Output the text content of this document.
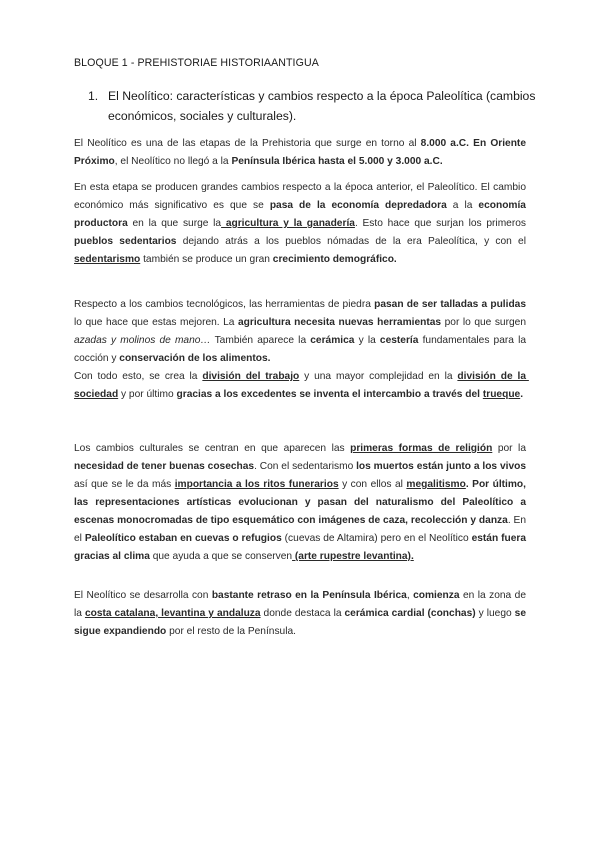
BLOQUE 1 - PREHISTORIAE HISTORIAANTIGUA
1. El Neolítico: características y cambios respecto a la época Paleolítica (cambios económicos, sociales y culturales).

El Neolítico es una de las etapas de la Prehistoria que surge en torno al 8.000 a.C. En Oriente Próximo, el Neolítico no llegó a la Península Ibérica hasta el 5.000 y 3.000 a.C.

En esta etapa se producen grandes cambios respecto a la época anterior, el Paleolítico. El cambio económico más significativo es que se pasa de la economía depredadora a la economía productora en la que surge la agricultura y la ganadería. Esto hace que surjan los primeros pueblos sedentarios dejando atrás a los pueblos nómadas de la era Paleolítica, y con el sedentarismo también se produce un gran crecimiento demográfico.

Respecto a los cambios tecnológicos, las herramientas de piedra pasan de ser talladas a pulidas lo que hace que estas mejoren. La agricultura necesita nuevas herramientas por lo que surgen azadas y molinos de mano… También aparece la cerámica y la cestería fundamentales para la cocción y conservación de los alimentos.

Con todo esto, se crea la división del trabajo y una mayor complejidad en la división de la sociedad y por último gracias a los excedentes se inventa el intercambio a través del trueque.

Los cambios culturales se centran en que aparecen las primeras formas de religión por la necesidad de tener buenas cosechas. Con el sedentarismo los muertos están junto a los vivos así que se le da más importancia a los ritos funerarios y con ellos al megalitismo. Por último, las representaciones artísticas evolucionan y pasan del naturalismo del Paleolítico a escenas monocromadas de tipo esquemático con imágenes de caza, recolección y danza. En el Paleolítico estaban en cuevas o refugios (cuevas de Altamira) pero en el Neolítico están fuera gracias al clima que ayuda a que se conserven (arte rupestre levantina).

El Neolítico se desarrolla con bastante retraso en la Península Ibérica, comienza en la zona de la costa catalana, levantina y andaluza donde destaca la cerámica cardial (conchas) y luego se sigue expandiendo por el resto de la Península.
